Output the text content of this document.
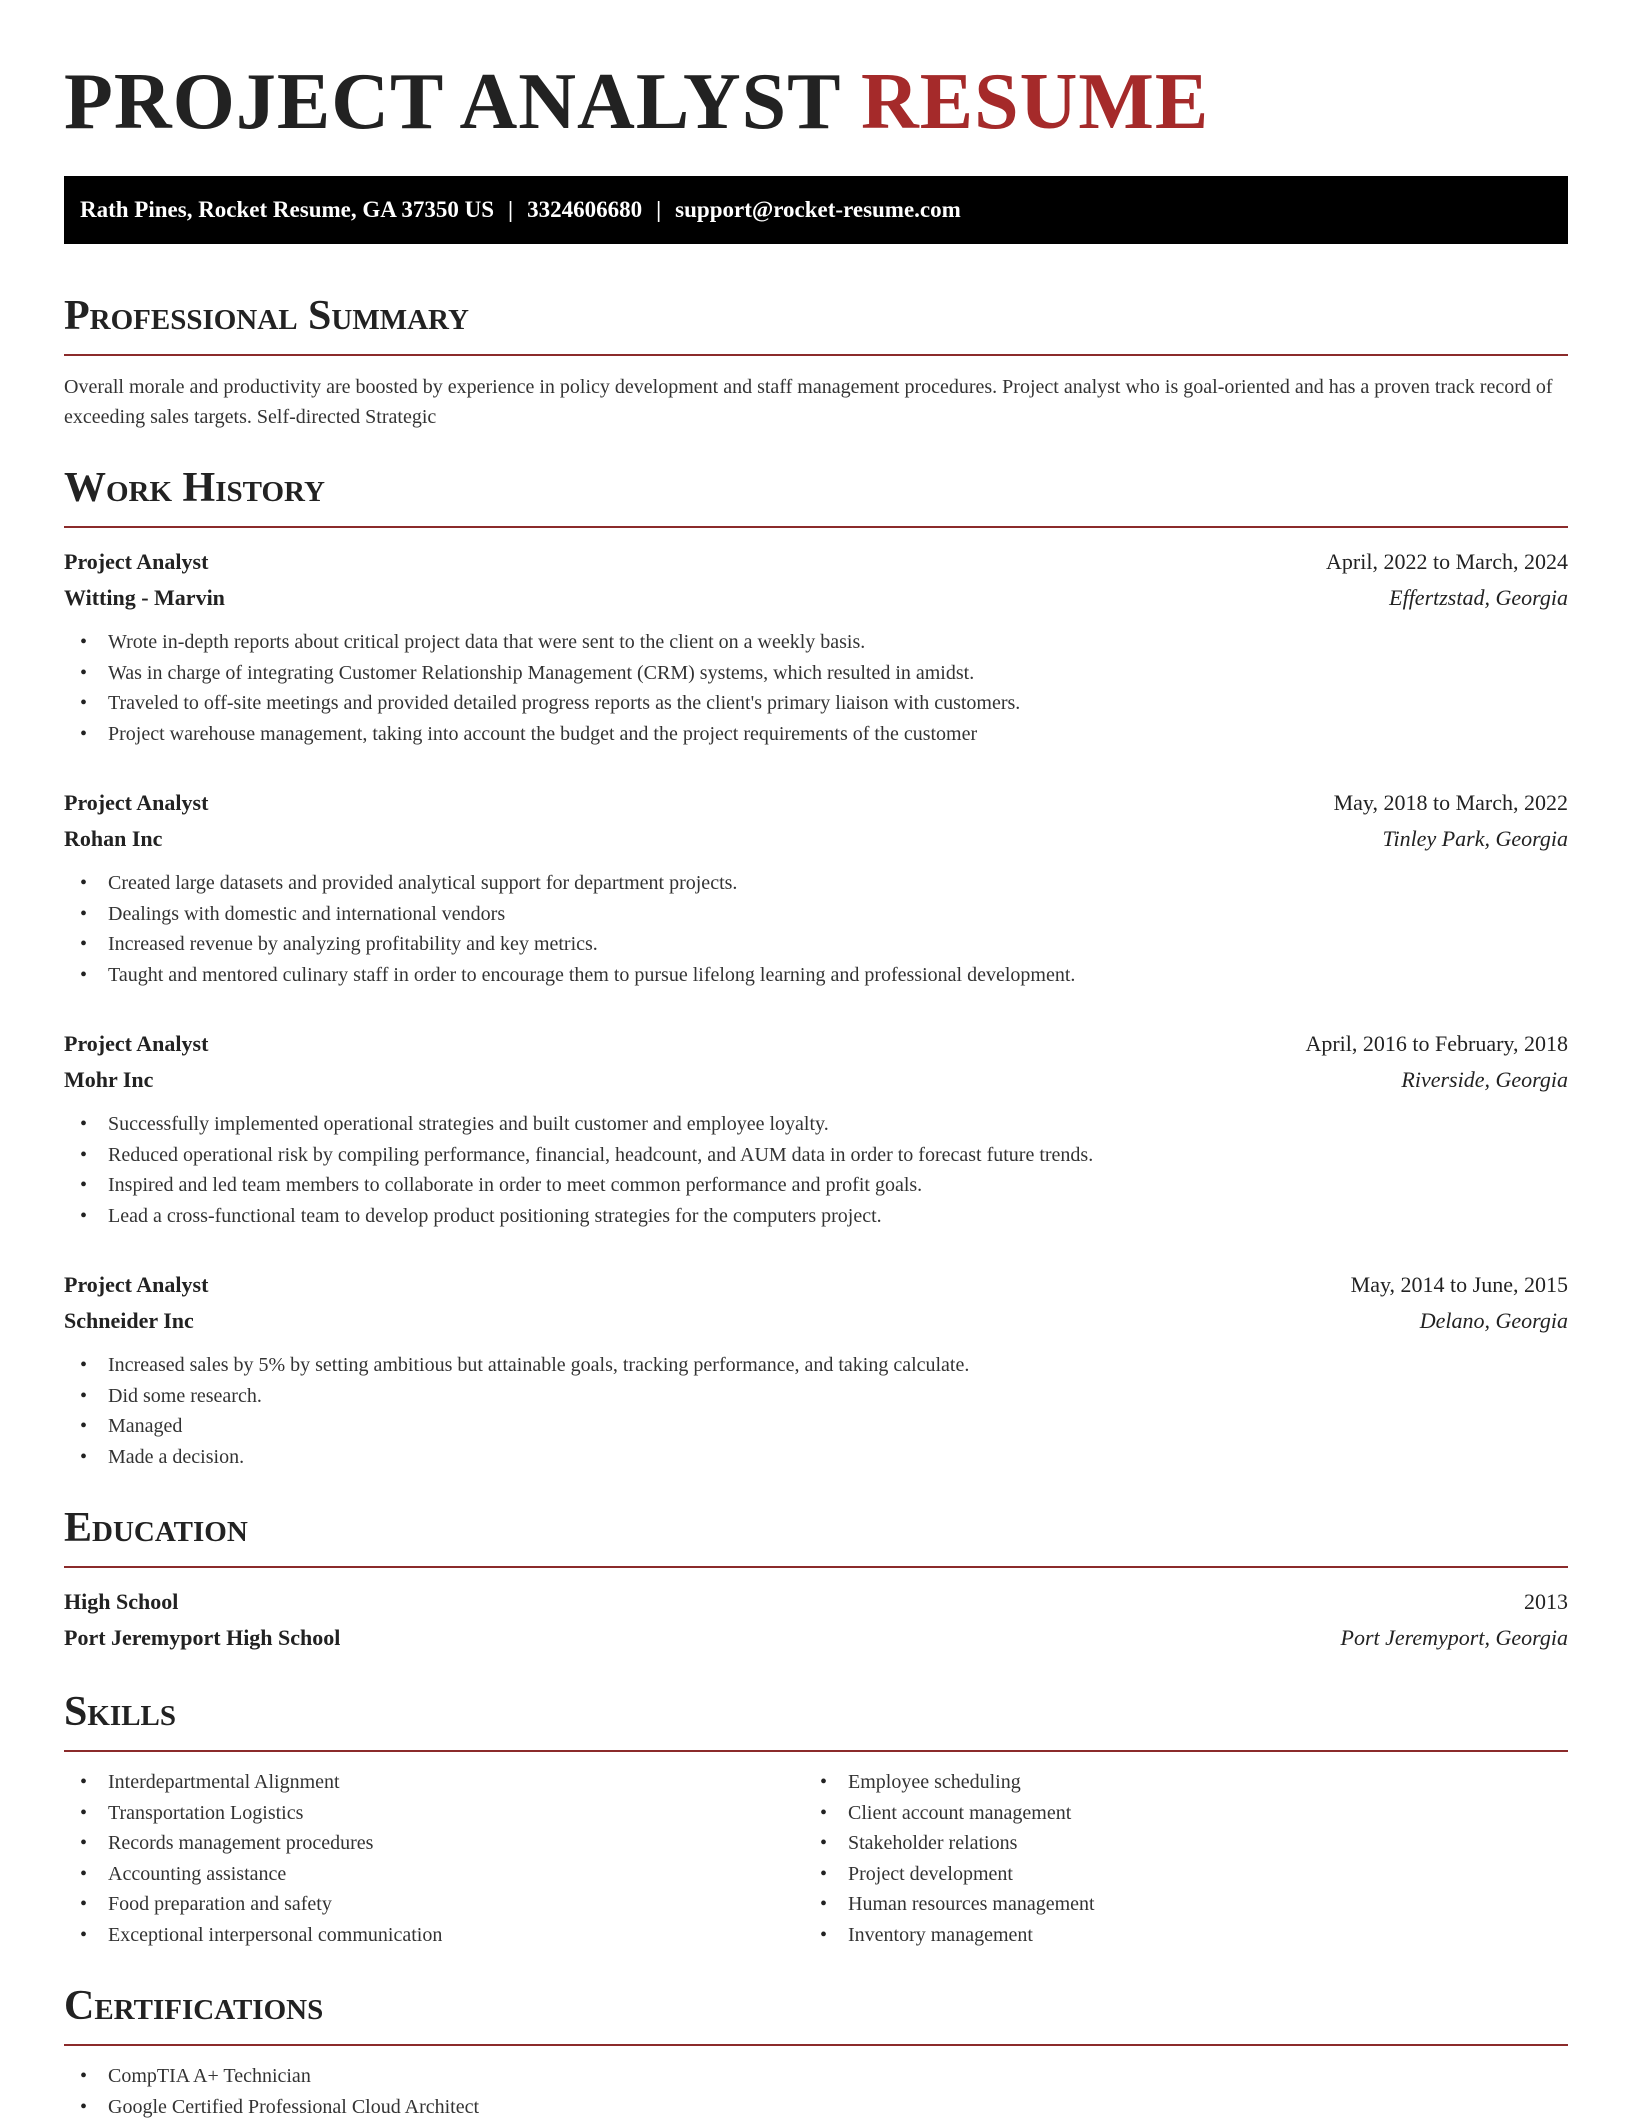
PROJECT ANALYST RESUME
Rath Pines, Rocket Resume, GA 37350 US | 3324606680 | support@rocket-resume.com
Professional Summary
Overall morale and productivity are boosted by experience in policy development and staff management procedures. Project analyst who is goal-oriented and has a proven track record of exceeding sales targets. Self-directed Strategic
Work History
Project Analyst	April, 2022 to March, 2024
Witting - Marvin	Effertzstad, Georgia
• Wrote in-depth reports about critical project data that were sent to the client on a weekly basis.
• Was in charge of integrating Customer Relationship Management (CRM) systems, which resulted in amidst.
• Traveled to off-site meetings and provided detailed progress reports as the client's primary liaison with customers.
• Project warehouse management, taking into account the budget and the project requirements of the customer
Project Analyst	May, 2018 to March, 2022
Rohan Inc	Tinley Park, Georgia
• Created large datasets and provided analytical support for department projects.
• Dealings with domestic and international vendors
• Increased revenue by analyzing profitability and key metrics.
• Taught and mentored culinary staff in order to encourage them to pursue lifelong learning and professional development.
Project Analyst	April, 2016 to February, 2018
Mohr Inc	Riverside, Georgia
• Successfully implemented operational strategies and built customer and employee loyalty.
• Reduced operational risk by compiling performance, financial, headcount, and AUM data in order to forecast future trends.
• Inspired and led team members to collaborate in order to meet common performance and profit goals.
• Lead a cross-functional team to develop product positioning strategies for the computers project.
Project Analyst	May, 2014 to June, 2015
Schneider Inc	Delano, Georgia
• Increased sales by 5% by setting ambitious but attainable goals, tracking performance, and taking calculate.
• Did some research.
• Managed
• Made a decision.
Education
High School	2013
Port Jeremyport High School	Port Jeremyport, Georgia
Skills
• Interdepartmental Alignment
• Transportation Logistics
• Records management procedures
• Accounting assistance
• Food preparation and safety
• Exceptional interpersonal communication
• Employee scheduling
• Client account management
• Stakeholder relations
• Project development
• Human resources management
• Inventory management
Certifications
• CompTIA A+ Technician
• Google Certified Professional Cloud Architect
